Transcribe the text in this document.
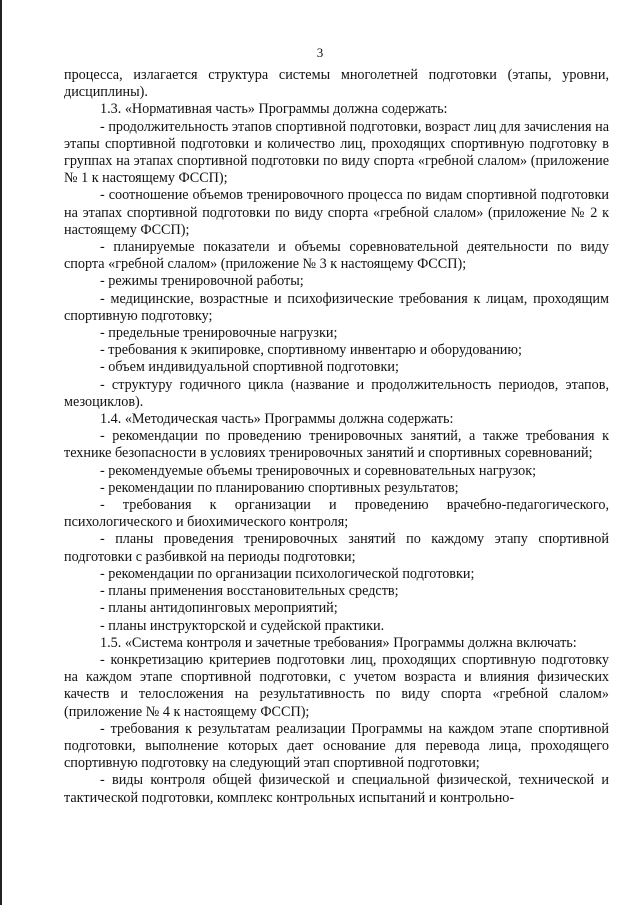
3

процесса, излагается структура системы многолетней подготовки (этапы, уровни, дисциплины).

1.3. «Нормативная часть» Программы должна содержать:

- продолжительность этапов спортивной подготовки, возраст лиц для зачисления на этапы спортивной подготовки и количество лиц, проходящих спортивную подготовку в группах на этапах спортивной подготовки по виду спорта «гребной слалом» (приложение № 1 к настоящему ФССП);

- соотношение объемов тренировочного процесса по видам спортивной подготовки на этапах спортивной подготовки по виду спорта «гребной слалом» (приложение № 2 к настоящему ФССП);

- планируемые показатели и объемы соревновательной деятельности по виду спорта «гребной слалом» (приложение № 3 к настоящему ФССП);

- режимы тренировочной работы;

- медицинские, возрастные и психофизические требования к лицам, проходящим спортивную подготовку;

- предельные тренировочные нагрузки;

- требования к экипировке, спортивному инвентарю и оборудованию;

- объем индивидуальной спортивной подготовки;

- структуру годичного цикла (название и продолжительность периодов, этапов, мезоциклов).

1.4. «Методическая часть» Программы должна содержать:

- рекомендации по проведению тренировочных занятий, а также требования к технике безопасности в условиях тренировочных занятий и спортивных соревнований;

- рекомендуемые объемы тренировочных и соревновательных нагрузок;

- рекомендации по планированию спортивных результатов;

- требования к организации и проведению врачебно-педагогического, психологического и биохимического контроля;

- планы проведения тренировочных занятий по каждому этапу спортивной подготовки с разбивкой на периоды подготовки;

- рекомендации по организации психологической подготовки;

- планы применения восстановительных средств;

- планы антидопинговых мероприятий;

- планы инструкторской и судейской практики.

1.5. «Система контроля и зачетные требования» Программы должна включать:

- конкретизацию критериев подготовки лиц, проходящих спортивную подготовку на каждом этапе спортивной подготовки, с учетом возраста и влияния физических качеств и телосложения на результативность по виду спорта «гребной слалом» (приложение № 4 к настоящему ФССП);

- требования к результатам реализации Программы на каждом этапе спортивной подготовки, выполнение которых дает основание для перевода лица, проходящего спортивную подготовку на следующий этап спортивной подготовки;

- виды контроля общей физической и специальной физической, технической и тактической подготовки, комплекс контрольных испытаний и контрольно-
